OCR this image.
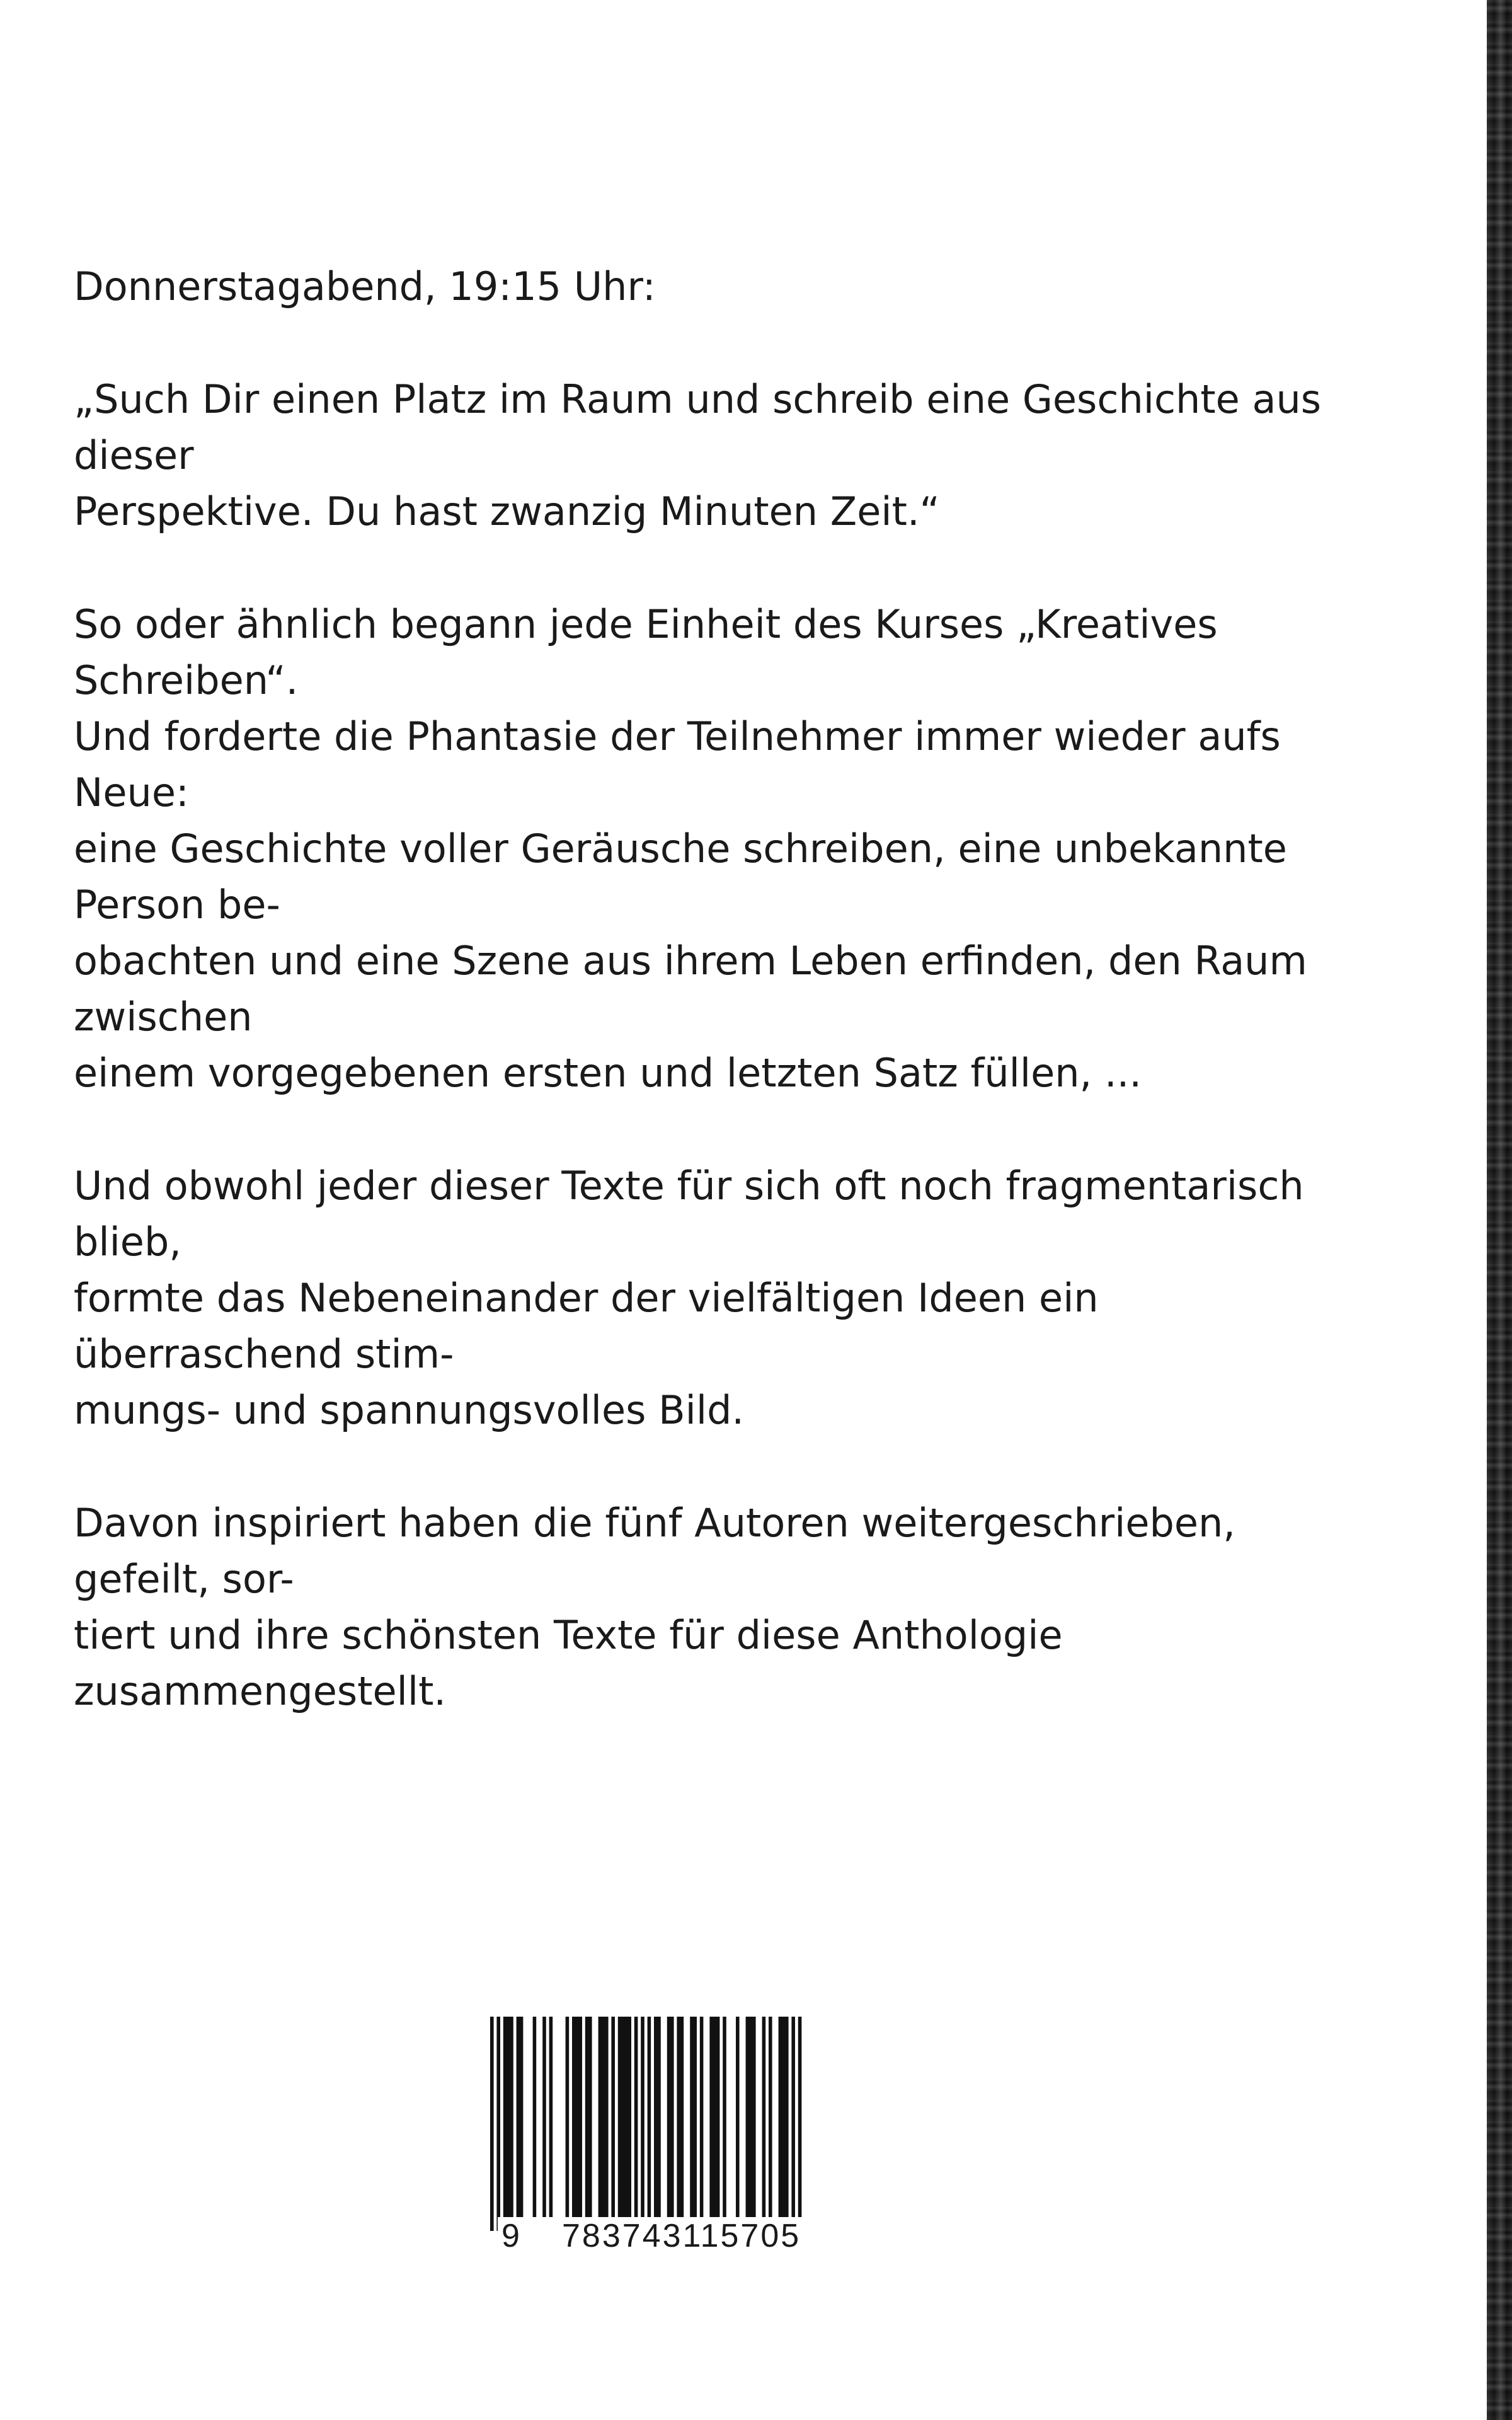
Donnerstagabend, 19:15 Uhr:

„Such Dir einen Platz im Raum und schreib eine Geschichte aus dieser
Perspektive. Du hast zwanzig Minuten Zeit.“

So oder ähnlich begann jede Einheit des Kurses „Kreatives Schreiben“.
Und forderte die Phantasie der Teilnehmer immer wieder aufs Neue:
eine Geschichte voller Geräusche schreiben, eine unbekannte Person be-
obachten und eine Szene aus ihrem Leben erfinden, den Raum zwischen
einem vorgegebenen ersten und letzten Satz füllen, ...

Und obwohl jeder dieser Texte für sich oft noch fragmentarisch blieb,
formte das Nebeneinander der vielfältigen Ideen ein überraschend stim-
mungs- und spannungsvolles Bild.

Davon inspiriert haben die fünf Autoren weitergeschrieben, gefeilt, sor-
tiert und ihre schönsten Texte für diese Anthologie zusammengestellt.

9 783743115705
